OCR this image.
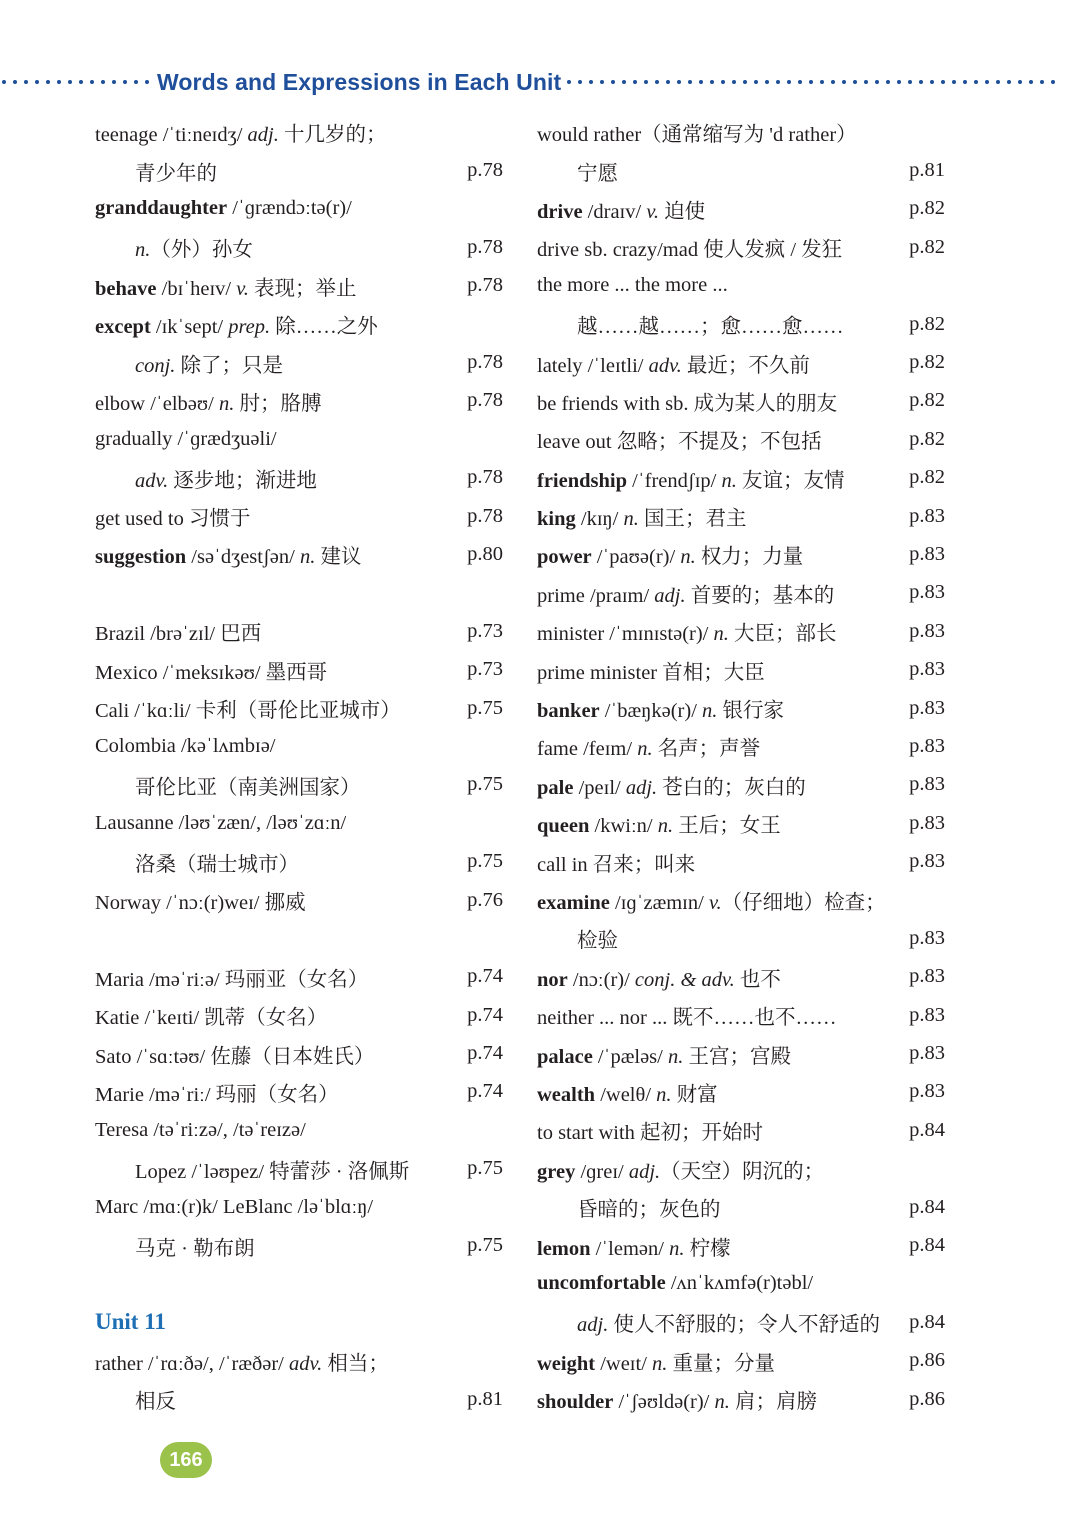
Words and Expressions in Each Unit
teenage /ˈtiːneɪdʒ/ adj. 十几岁的；
青少年的	p.78
granddaughter /ˈɡrændɔːtə(r)/
n.（外）孙女	p.78
behave /bɪˈheɪv/ v. 表现；举止	p.78
except /ɪkˈsept/ prep. 除……之外
conj. 除了；只是	p.78
elbow /ˈelbəʊ/ n. 肘；胳膊	p.78
gradually /ˈɡrædʒuəli/
adv. 逐步地；渐进地	p.78
get used to 习惯于	p.78
suggestion /səˈdʒestʃən/ n. 建议	p.80
Brazil /brəˈzɪl/ 巴西	p.73
Mexico /ˈmeksɪkəʊ/ 墨西哥	p.73
Cali /ˈkɑːli/ 卡利（哥伦比亚城市）	p.75
Colombia /kəˈlʌmbɪə/
哥伦比亚（南美洲国家）	p.75
Lausanne /ləʊˈzæn/, /ləʊˈzɑːn/
洛桑（瑞士城市）	p.75
Norway /ˈnɔː(r)weɪ/ 挪威	p.76
Maria /məˈriːə/ 玛丽亚（女名）	p.74
Katie /ˈkeɪti/ 凯蒂（女名）	p.74
Sato /ˈsɑːtəʊ/ 佐藤（日本姓氏）	p.74
Marie /məˈriː/ 玛丽（女名）	p.74
Teresa /təˈriːzə/, /təˈreɪzə/
Lopez /ˈləʊpez/ 特蕾莎 · 洛佩斯	p.75
Marc /mɑː(r)k/ LeBlanc /ləˈblɑːŋ/
马克 · 勒布朗	p.75
Unit 11
rather /ˈrɑːðə/, /ˈræðər/ adv. 相当；
相反	p.81
would rather（通常缩写为 'd rather）
宁愿	p.81
drive /draɪv/ v. 迫使	p.82
drive sb. crazy/mad 使人发疯 / 发狂	p.82
the more ... the more ...
越……越……；愈……愈……	p.82
lately /ˈleɪtli/ adv. 最近；不久前	p.82
be friends with sb. 成为某人的朋友	p.82
leave out 忽略；不提及；不包括	p.82
friendship /ˈfrendʃɪp/ n. 友谊；友情	p.82
king /kɪŋ/ n. 国王；君主	p.83
power /ˈpaʊə(r)/ n. 权力；力量	p.83
prime /praɪm/ adj. 首要的；基本的	p.83
minister /ˈmɪnɪstə(r)/ n. 大臣；部长	p.83
prime minister 首相；大臣	p.83
banker /ˈbæŋkə(r)/ n. 银行家	p.83
fame /feɪm/ n. 名声；声誉	p.83
pale /peɪl/ adj. 苍白的；灰白的	p.83
queen /kwiːn/ n. 王后；女王	p.83
call in 召来；叫来	p.83
examine /ɪɡˈzæmɪn/ v.（仔细地）检查；
检验	p.83
nor /nɔː(r)/ conj. & adv. 也不	p.83
neither ... nor ... 既不……也不……	p.83
palace /ˈpæləs/ n. 王宫；宫殿	p.83
wealth /welθ/ n. 财富	p.83
to start with 起初；开始时	p.84
grey /ɡreɪ/ adj.（天空）阴沉的；
昏暗的；灰色的	p.84
lemon /ˈlemən/ n. 柠檬	p.84
uncomfortable /ʌnˈkʌmfə(r)təbl/
adj. 使人不舒服的；令人不舒适的 p.84
weight /weɪt/ n. 重量；分量	p.86
shoulder /ˈʃəʊldə(r)/ n. 肩；肩膀	p.86
166
